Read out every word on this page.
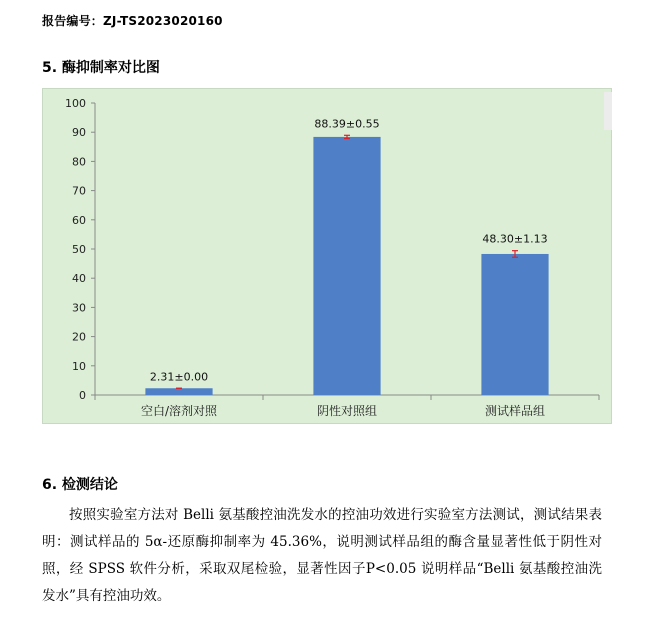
报告编号：ZJ-TS2023020160
5. 酶抑制率对比图
0
10
20
30
40
50
60
70
80
90
100
2.31±0.00
空白/溶剂对照
88.39±0.55
阴性对照组
48.30±1.13
测试样品组
6. 检测结论
按照实验室方法对 Belli 氨基酸控油洗发水的控油功效进行实验室方法测试，测试结果表明：测试样品的 5α-还原酶抑制率为 45.36%，说明测试样品组的酶含量显著性低于阴性对照，经 SPSS 软件分析，采取双尾检验，显著性因子P<0.05 说明样品“Belli 氨基酸控油洗发水”具有控油功效。
